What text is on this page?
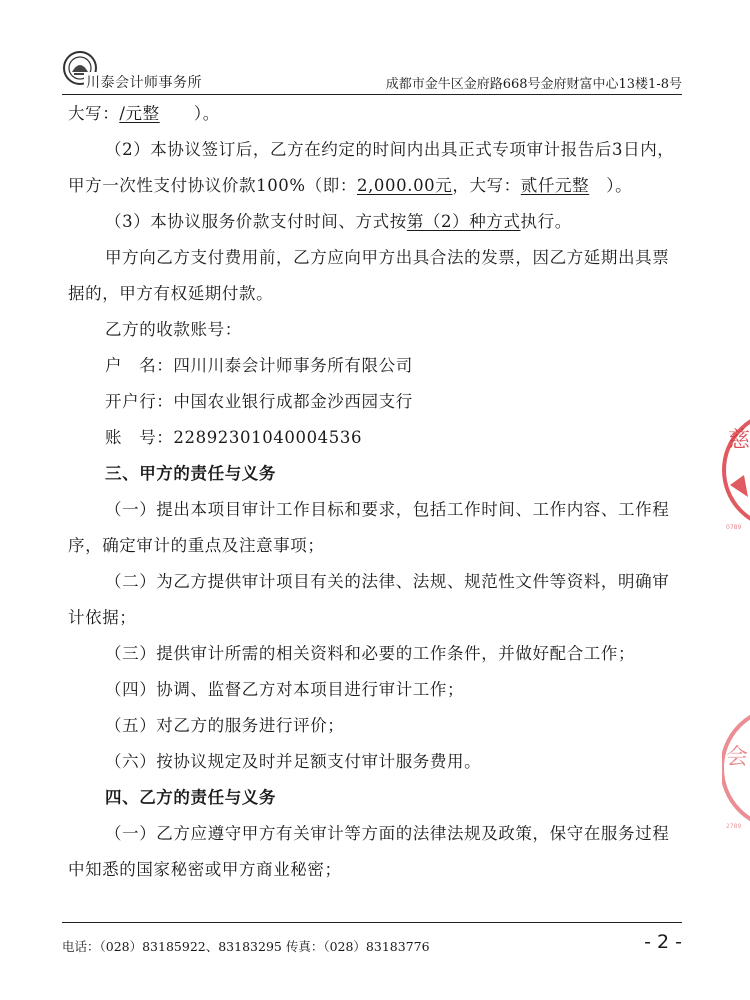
川泰会计师事务所	成都市金牛区金府路668号金府财富中心13楼1-8号

大写：/元整　　 ）。

（2）本协议签订后，乙方在约定的时间内出具正式专项审计报告后3日内，

甲方一次性支付协议价款100%（即：2,000.00元，大写：贰仟元整　 ）。

（3）本协议服务价款支付时间、方式按第（2）种方式执行。

甲方向乙方支付费用前，乙方应向甲方出具合法的发票，因乙方延期出具票

据的，甲方有权延期付款。

乙方的收款账号：

户　名：四川川泰会计师事务所有限公司

开户行：中国农业银行成都金沙西园支行

账　号：22892301040004536

三、甲方的责任与义务

（一）提出本项目审计工作目标和要求，包括工作时间、工作内容、工作程

序，确定审计的重点及注意事项；

（二）为乙方提供审计项目有关的法律、法规、规范性文件等资料，明确审

计依据；

（三）提供审计所需的相关资料和必要的工作条件，并做好配合工作；

（四）协调、监督乙方对本项目进行审计工作；

（五）对乙方的服务进行评价；

（六）按协议规定及时并足额支付审计服务费用。

四、乙方的责任与义务

（一）乙方应遵守甲方有关审计等方面的法律法规及政策，保守在服务过程

中知悉的国家秘密或甲方商业秘密；

电话：（028）83185922、83183295 传真：（028）83183776	- 2 -
慈
0789
会
2789
